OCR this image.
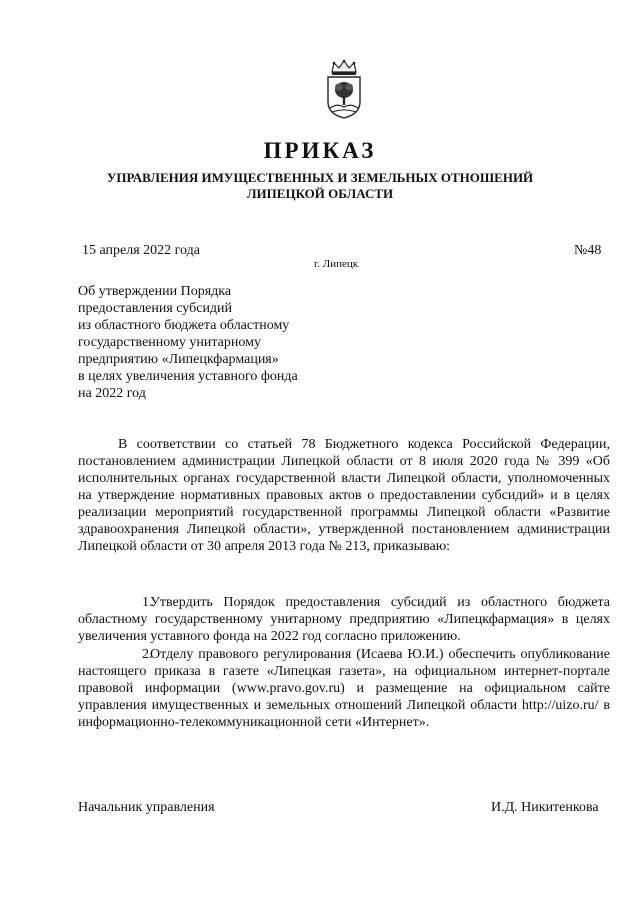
ПРИКАЗ
УПРАВЛЕНИЯ ИМУЩЕСТВЕННЫХ И ЗЕМЕЛЬНЫХ ОТНОШЕНИЙ
ЛИПЕЦКОЙ ОБЛАСТИ
15 апреля 2022 года
г. Липецк
№48
Об утверждении Порядка
предоставления субсидий
из областного бюджета областному
государственному унитарному
предприятию «Липецкфармация»
в целях увеличения уставного фонда
на 2022 год

В соответствии со статьей 78 Бюджетного кодекса Российской Федерации, постановлением администрации Липецкой области от 8 июля 2020 года № 399 «Об исполнительных органах государственной власти Липецкой области, уполномоченных на утверждение нормативных правовых актов о предоставлении субсидий» и в целях реализации мероприятий государственной программы Липецкой области «Развитие здравоохранения Липецкой области», утвержденной постановлением администрации Липецкой области от 30 апреля 2013 года № 213, приказываю:

1.Утвердить Порядок предоставления субсидий из областного бюджета областному государственному унитарному предприятию «Липецкфармация» в целях увеличения уставного фонда на 2022 год согласно приложению.

2.Отделу правового регулирования (Исаева Ю.И.) обеспечить опубликование настоящего приказа в газете «Липецкая газета», на официальном интернет-портале правовой информации (www.pravo.gov.ru) и размещение на официальном сайте управления имущественных и земельных отношений Липецкой области http://uizo.ru/ в информационно-телекоммуникационной сети «Интернет».

Начальник управления	И.Д. Никитенкова
